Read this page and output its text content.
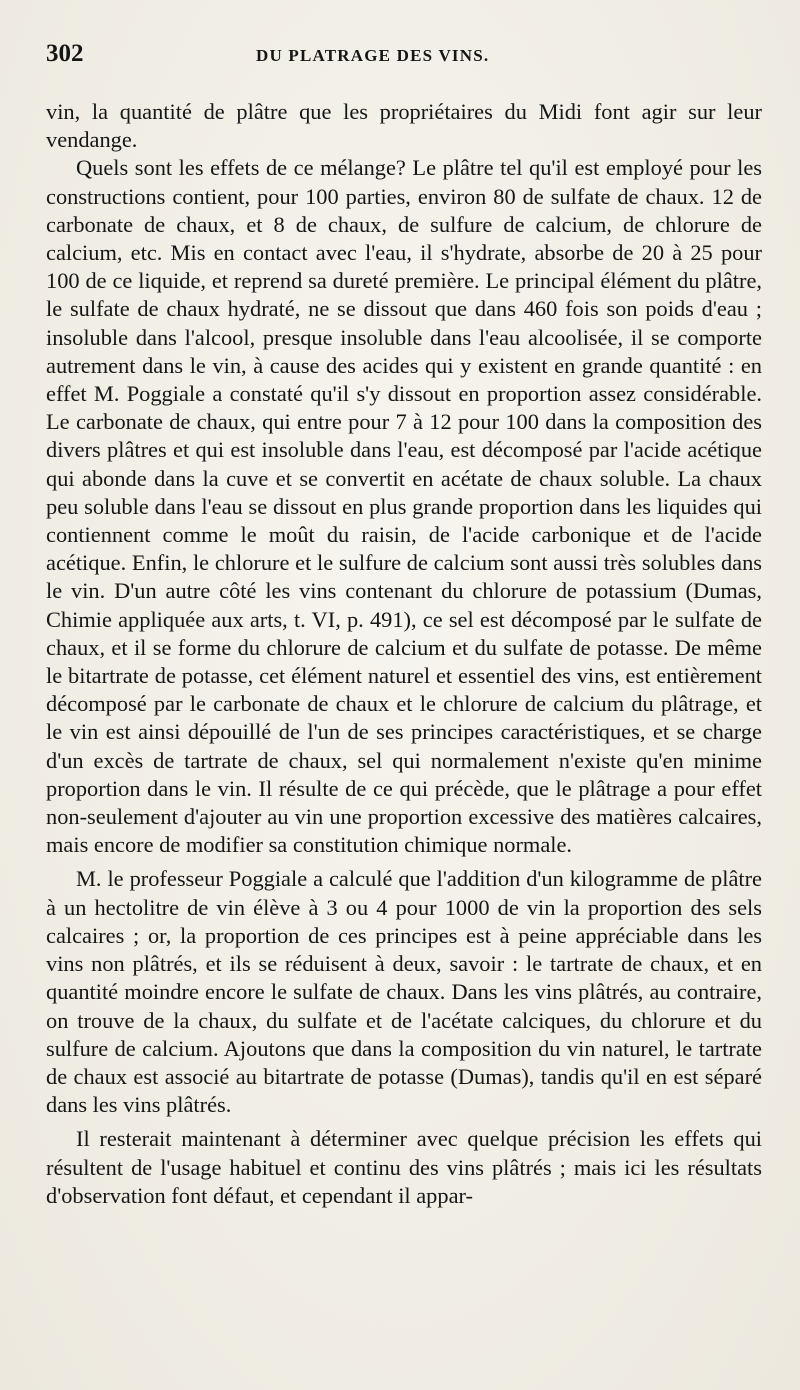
302	DU PLATRAGE DES VINS.

vin, la quantité de plâtre que les propriétaires du Midi font agir sur leur vendange.

Quels sont les effets de ce mélange? Le plâtre tel qu'il est employé pour les constructions contient, pour 100 parties, environ 80 de sulfate de chaux. 12 de carbonate de chaux, et 8 de chaux, de sulfure de calcium, de chlorure de calcium, etc. Mis en contact avec l'eau, il s'hydrate, absorbe de 20 à 25 pour 100 de ce liquide, et reprend sa dureté première. Le principal élément du plâtre, le sulfate de chaux hydraté, ne se dissout que dans 460 fois son poids d'eau ; insoluble dans l'alcool, presque insoluble dans l'eau alcoolisée, il se comporte autrement dans le vin, à cause des acides qui y existent en grande quantité : en effet M. Poggiale a constaté qu'il s'y dissout en proportion assez considérable. Le carbonate de chaux, qui entre pour 7 à 12 pour 100 dans la composition des divers plâtres et qui est insoluble dans l'eau, est décomposé par l'acide acétique qui abonde dans la cuve et se convertit en acétate de chaux soluble. La chaux peu soluble dans l'eau se dissout en plus grande proportion dans les liquides qui contiennent comme le moût du raisin, de l'acide carbonique et de l'acide acétique. Enfin, le chlorure et le sulfure de calcium sont aussi très solubles dans le vin. D'un autre côté les vins contenant du chlorure de potassium (Dumas, Chimie appliquée aux arts, t. VI, p. 491), ce sel est décomposé par le sulfate de chaux, et il se forme du chlorure de calcium et du sulfate de potasse. De même le bitartrate de potasse, cet élément naturel et essentiel des vins, est entièrement décomposé par le carbonate de chaux et le chlorure de calcium du plâtrage, et le vin est ainsi dépouillé de l'un de ses principes caractéristiques, et se charge d'un excès de tartrate de chaux, sel qui normalement n'existe qu'en minime proportion dans le vin. Il résulte de ce qui précède, que le plâtrage a pour effet non-seulement d'ajouter au vin une proportion excessive des matières calcaires, mais encore de modifier sa constitution chimique normale.

M. le professeur Poggiale a calculé que l'addition d'un kilogramme de plâtre à un hectolitre de vin élève à 3 ou 4 pour 1000 de vin la proportion des sels calcaires ; or, la proportion de ces principes est à peine appréciable dans les vins non plâtrés, et ils se réduisent à deux, savoir : le tartrate de chaux, et en quantité moindre encore le sulfate de chaux. Dans les vins plâtrés, au contraire, on trouve de la chaux, du sulfate et de l'acétate calciques, du chlorure et du sulfure de calcium. Ajoutons que dans la composition du vin naturel, le tartrate de chaux est associé au bitartrate de potasse (Dumas), tandis qu'il en est séparé dans les vins plâtrés.

Il resterait maintenant à déterminer avec quelque précision les effets qui résultent de l'usage habituel et continu des vins plâtrés ; mais ici les résultats d'observation font défaut, et cependant il appar-
